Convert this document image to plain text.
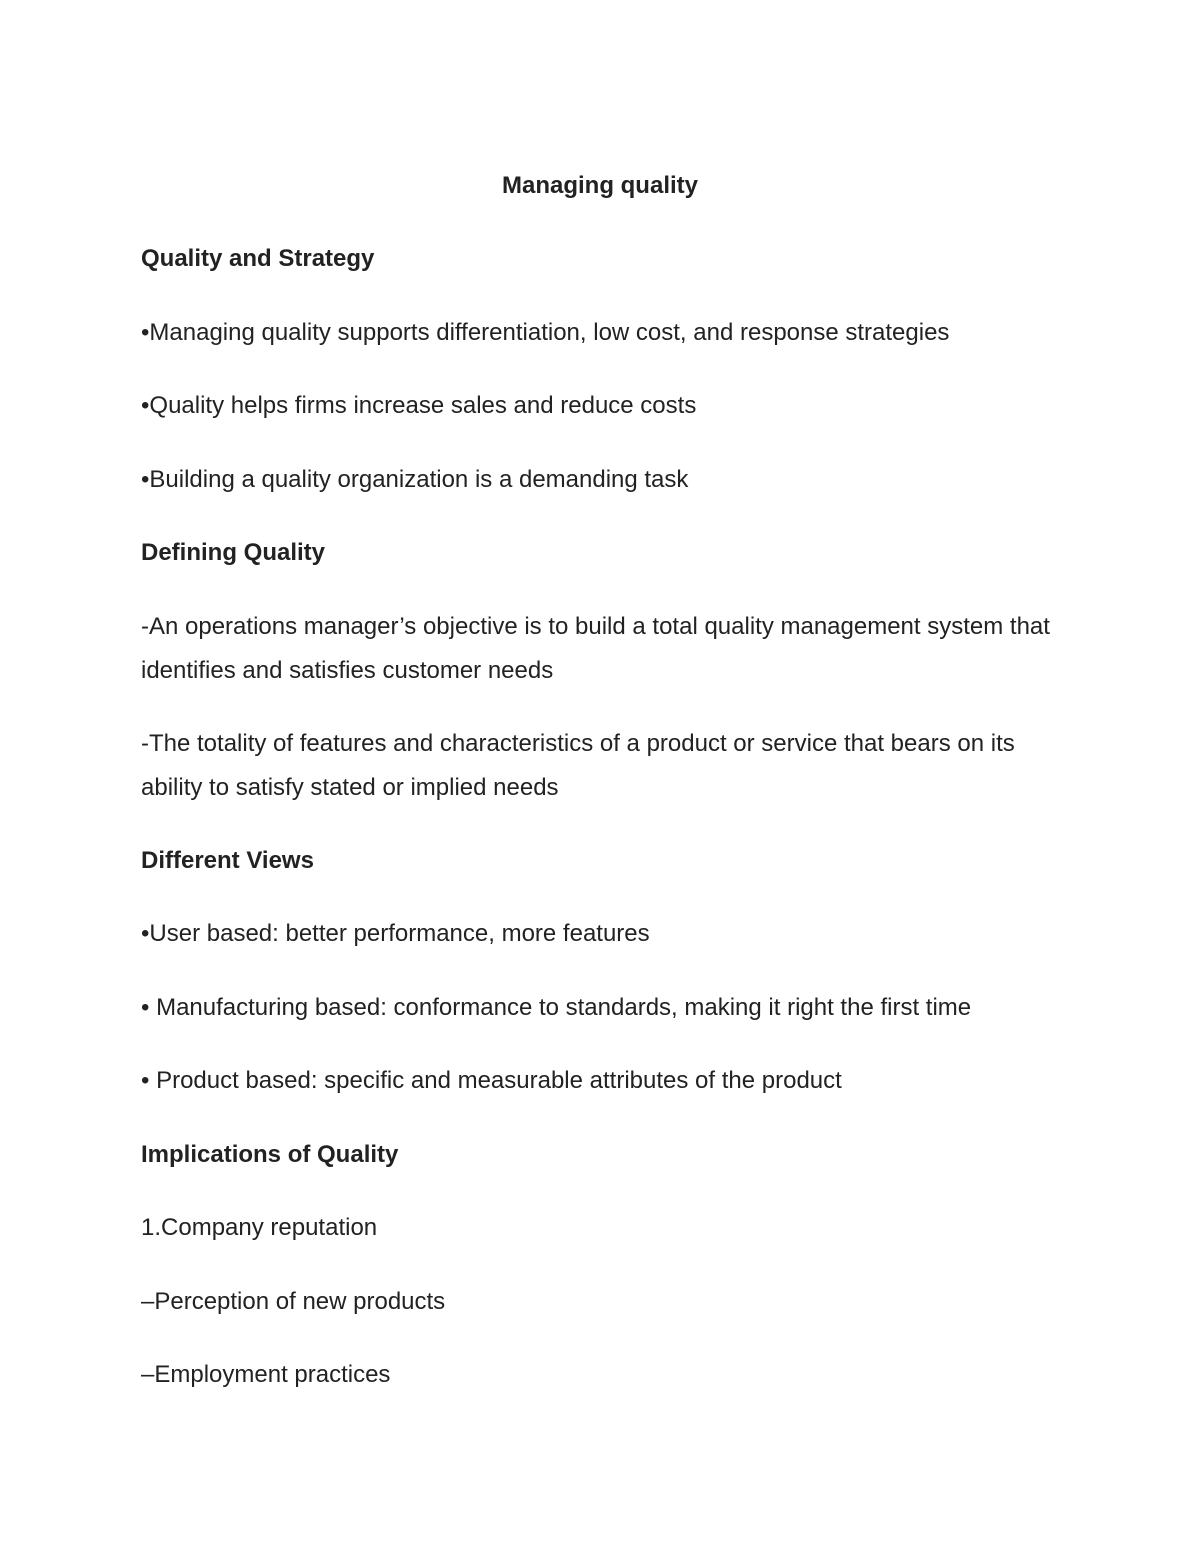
Managing quality

Quality and Strategy

•Managing quality supports differentiation, low cost, and response strategies

•Quality helps firms increase sales and reduce costs

•Building a quality organization is a demanding task

Defining Quality

-An operations manager’s objective is to build a total quality management system that identifies and satisfies customer needs

-The totality of features and characteristics of a product or service that bears on its ability to satisfy stated or implied needs

Different Views

•User based: better performance, more features

• Manufacturing based: conformance to standards, making it right the first time

• Product based: specific and measurable attributes of the product

Implications of Quality

1.Company reputation

–Perception of new products

–Employment practices
